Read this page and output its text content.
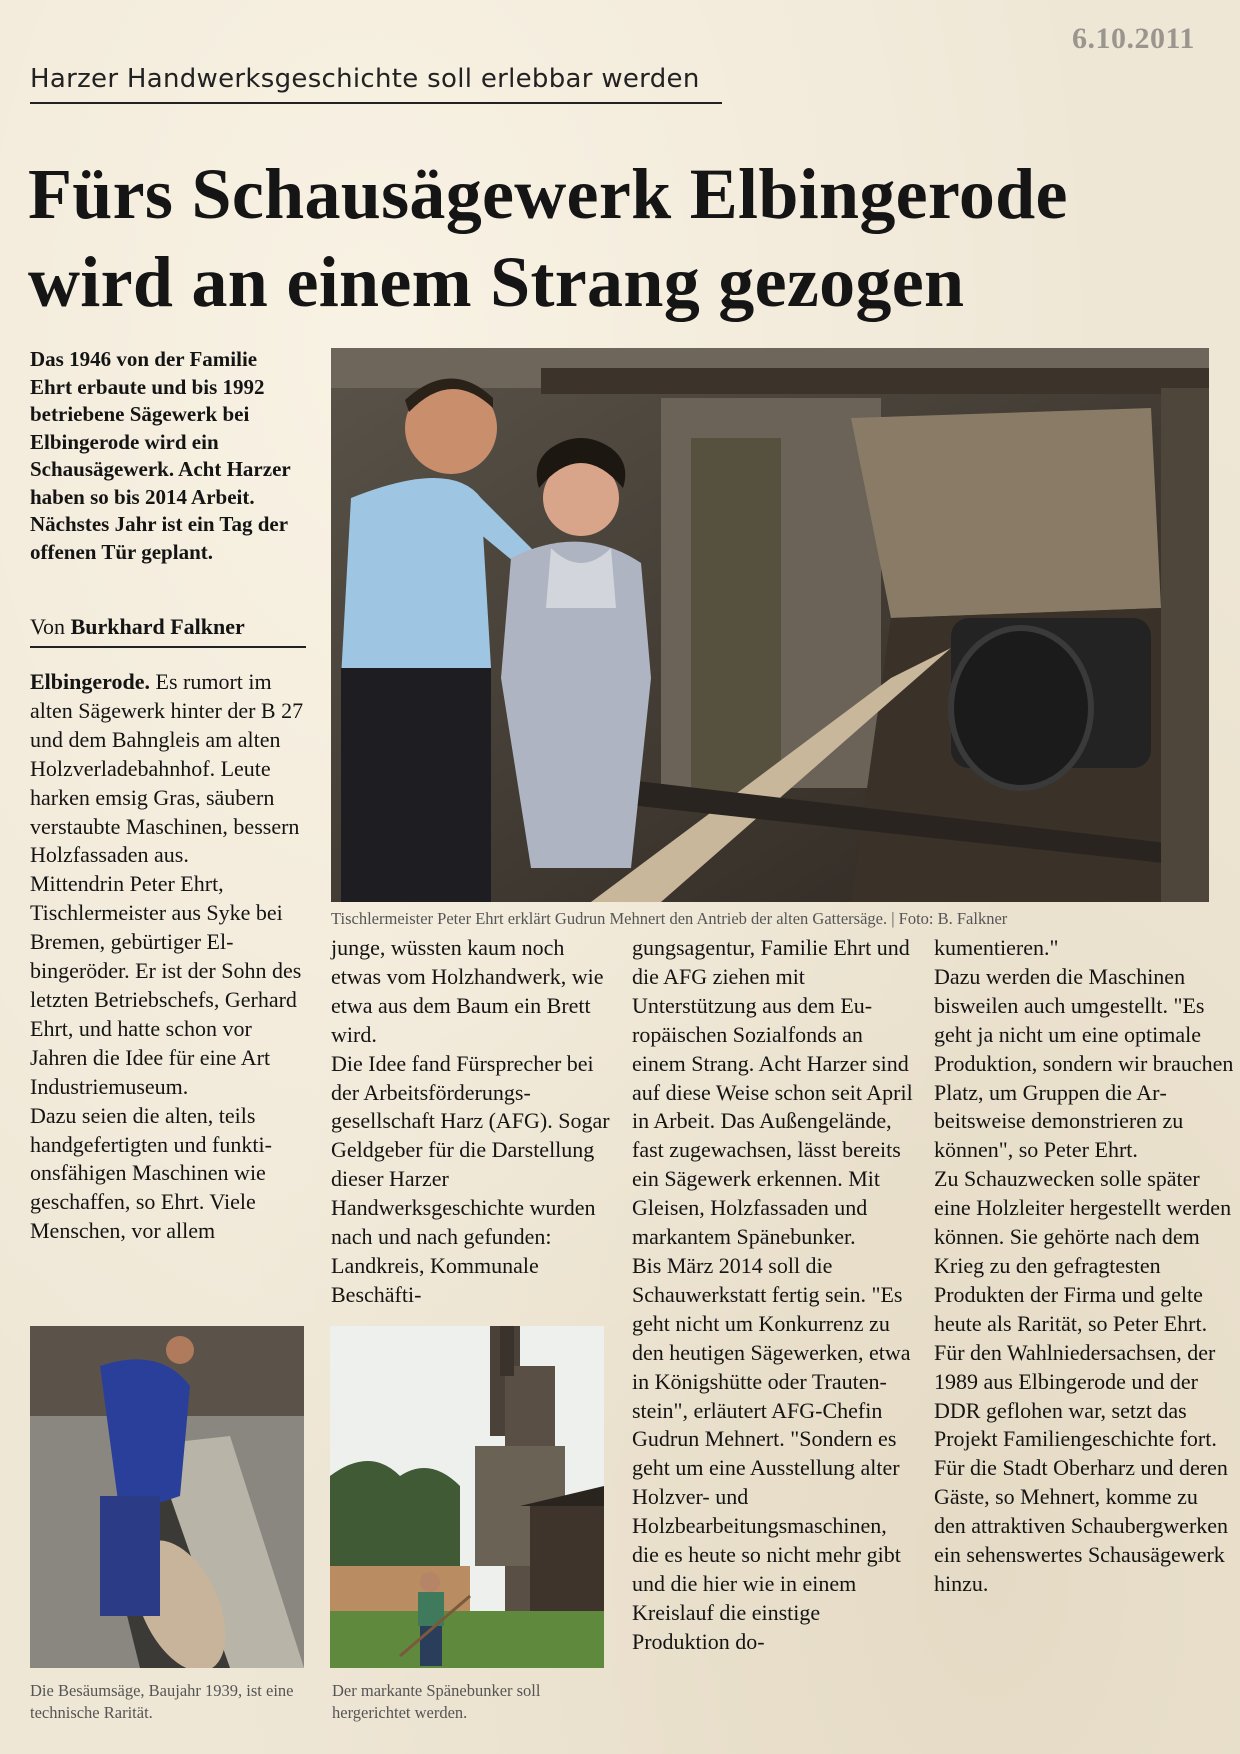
6.10.2011
Harzer Handwerksgeschichte soll erlebbar werden
Fürs Schausägewerk Elbingerode
wird an einem Strang gezogen
Das 1946 von der Familie Ehrt erbaute und bis 1992 betriebene Sägewerk bei Elbingerode wird ein Schausägewerk. Acht Harzer haben so bis 2014 Arbeit. Nächstes Jahr ist ein Tag der offenen Tür geplant.
Von Burkhard Falkner
Tischlermeister Peter Ehrt erklärt Gudrun Mehnert den Antrieb der alten Gattersäge. | Foto: B. Falkner

Elbingerode. Es rumort im alten Sägewerk hinter der B 27 und dem Bahngleis am alten Holzverladebahnhof. Leute harken emsig Gras, säubern verstaubte Maschinen, bessern Holzfassaden aus.

Mittendrin Peter Ehrt, Tischlermeister aus Syke bei Bremen, gebürtiger Elbingeröder. Er ist der Sohn des letzten Betriebschefs, Gerhard Ehrt, und hatte schon vor Jahren die Idee für eine Art Industriemuseum.

Dazu seien die alten, teils handgefertigten und funktionsfähigen Maschinen wie geschaffen, so Ehrt. Viele Menschen, vor allem

junge, wüssten kaum noch etwas vom Holzhandwerk, wie etwa aus dem Baum ein Brett wird.

Die Idee fand Fürsprecher bei der Arbeitsförderungsgesellschaft Harz (AFG). Sogar Geldgeber für die Darstellung dieser Harzer Handwerksgeschichte wurden nach und nach gefunden: Landkreis, Kommunale Beschäfti-

gungsagentur, Familie Ehrt und die AFG ziehen mit Unterstützung aus dem Europäischen Sozialfonds an einem Strang. Acht Harzer sind auf diese Weise schon seit April in Arbeit. Das Außengelände, fast zugewachsen, lässt bereits ein Sägewerk erkennen. Mit Gleisen, Holzfassaden und markantem Spänebunker.

Bis März 2014 soll die Schauwerkstatt fertig sein. "Es geht nicht um Konkurrenz zu den heutigen Sägewerken, etwa in Königshütte oder Trautenstein", erläutert AFG-Chefin Gudrun Mehnert. "Sondern es geht um eine Ausstellung alter Holzver- und Holzbearbeitungsmaschinen, die es heute so nicht mehr gibt und die hier wie in einem Kreislauf die einstige Produktion do-

kumentieren."

Dazu werden die Maschinen bisweilen auch umgestellt. "Es geht ja nicht um eine optimale Produktion, sondern wir brauchen Platz, um Gruppen die Arbeitsweise demonstrieren zu können", so Peter Ehrt.

Zu Schauzwecken solle später eine Holzleiter hergestellt werden können. Sie gehörte nach dem Krieg zu den gefragtesten Produkten der Firma und gelte heute als Rarität, so Peter Ehrt.

Für den Wahlniedersachsen, der 1989 aus Elbingerode und der DDR geflohen war, setzt das Projekt Familiengeschichte fort. Für die Stadt Oberharz und deren Gäste, so Mehnert, komme zu den attraktiven Schaubergwerken ein sehenswertes Schausägewerk hinzu.

Die Besäumsäge, Baujahr 1939, ist eine technische Rarität.
Der markante Spänebunker soll hergerichtet werden.
